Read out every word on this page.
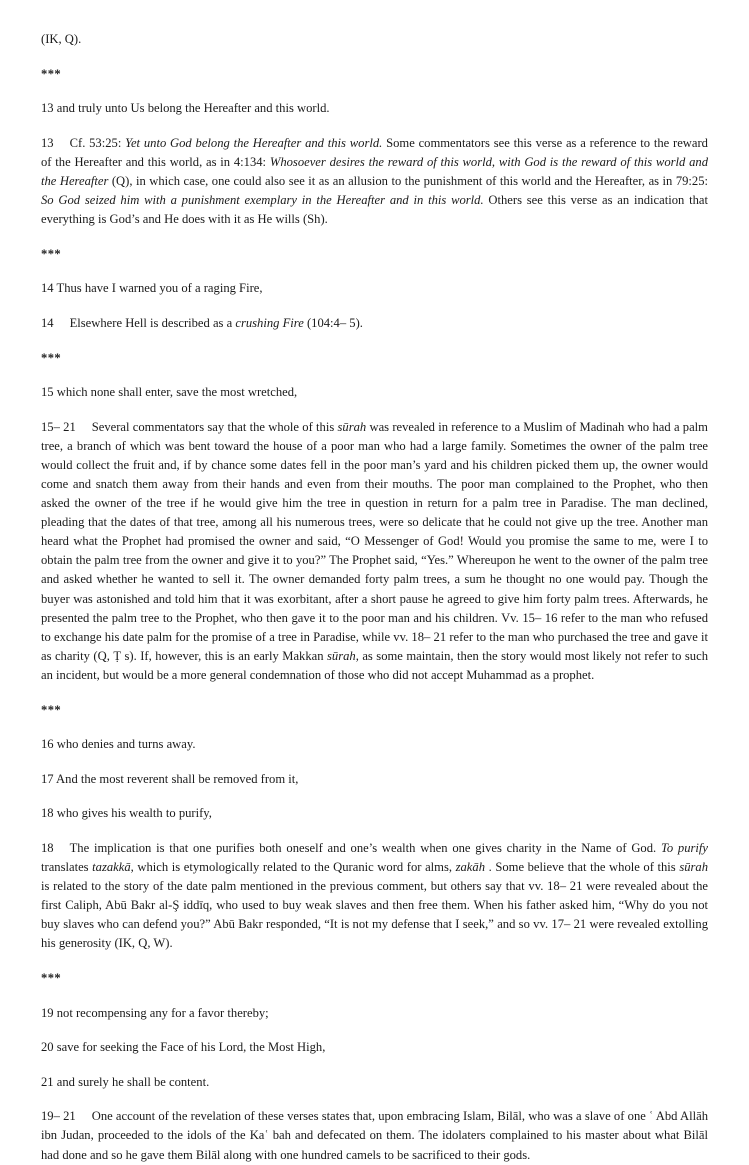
(IK, Q).

***

13 and truly unto Us belong the Hereafter and this world.

13 Cf. 53:25: Yet unto God belong the Hereafter and this world. Some commentators see this verse as a reference to the reward of the Hereafter and this world, as in 4:134: Whosoever desires the reward of this world, with God is the reward of this world and the Hereafter (Q), in which case, one could also see it as an allusion to the punishment of this world and the Hereafter, as in 79:25: So God seized him with a punishment exemplary in the Hereafter and in this world. Others see this verse as an indication that everything is God’s and He does with it as He wills (Sh).

***

14 Thus have I warned you of a raging Fire,

14 Elsewhere Hell is described as a crushing Fire (104:4– 5).

***

15 which none shall enter, save the most wretched,

15– 21 Several commentators say that the whole of this sūrah was revealed in reference to a Muslim of Madinah who had a palm tree, a branch of which was bent toward the house of a poor man who had a large family. Sometimes the owner of the palm tree would collect the fruit and, if by chance some dates fell in the poor man’s yard and his children picked them up, the owner would come and snatch them away from their hands and even from their mouths. The poor man complained to the Prophet, who then asked the owner of the tree if he would give him the tree in question in return for a palm tree in Paradise. The man declined, pleading that the dates of that tree, among all his numerous trees, were so delicate that he could not give up the tree. Another man heard what the Prophet had promised the owner and said, “O Messenger of God! Would you promise the same to me, were I to obtain the palm tree from the owner and give it to you?” The Prophet said, “Yes.” Whereupon he went to the owner of the palm tree and asked whether he wanted to sell it. The owner demanded forty palm trees, a sum he thought no one would pay. Though the buyer was astonished and told him that it was exorbitant, after a short pause he agreed to give him forty palm trees. Afterwards, he presented the palm tree to the Prophet, who then gave it to the poor man and his children. Vv. 15– 16 refer to the man who refused to exchange his date palm for the promise of a tree in Paradise, while vv. 18– 21 refer to the man who purchased the tree and gave it as charity (Q, Ṭ s). If, however, this is an early Makkan sūrah, as some maintain, then the story would most likely not refer to such an incident, but would be a more general condemnation of those who did not accept Muhammad as a prophet.

***

16 who denies and turns away.

17 And the most reverent shall be removed from it,

18 who gives his wealth to purify,

18 The implication is that one purifies both oneself and one’s wealth when one gives charity in the Name of God. To purify translates tazakkā, which is etymologically related to the Quranic word for alms, zakāh . Some believe that the whole of this sūrah is related to the story of the date palm mentioned in the previous comment, but others say that vv. 18– 21 were revealed about the first Caliph, Abū Bakr al-Ş iddīq, who used to buy weak slaves and then free them. When his father asked him, “Why do you not buy slaves who can defend you?” Abū Bakr responded, “It is not my defense that I seek,” and so vv. 17– 21 were revealed extolling his generosity (IK, Q, W).

***

19 not recompensing any for a favor thereby;

20 save for seeking the Face of his Lord, the Most High,

21 and surely he shall be content.

19– 21 One account of the revelation of these verses states that, upon embracing Islam, Bilāl, who was a slave of one ʿ Abd Allāh ibn Judan, proceeded to the idols of the Kaʿ bah and defecated on them. The idolaters complained to his master about what Bilāl had done and so he gave them Bilāl along with one hundred camels to be sacrificed to their gods.
